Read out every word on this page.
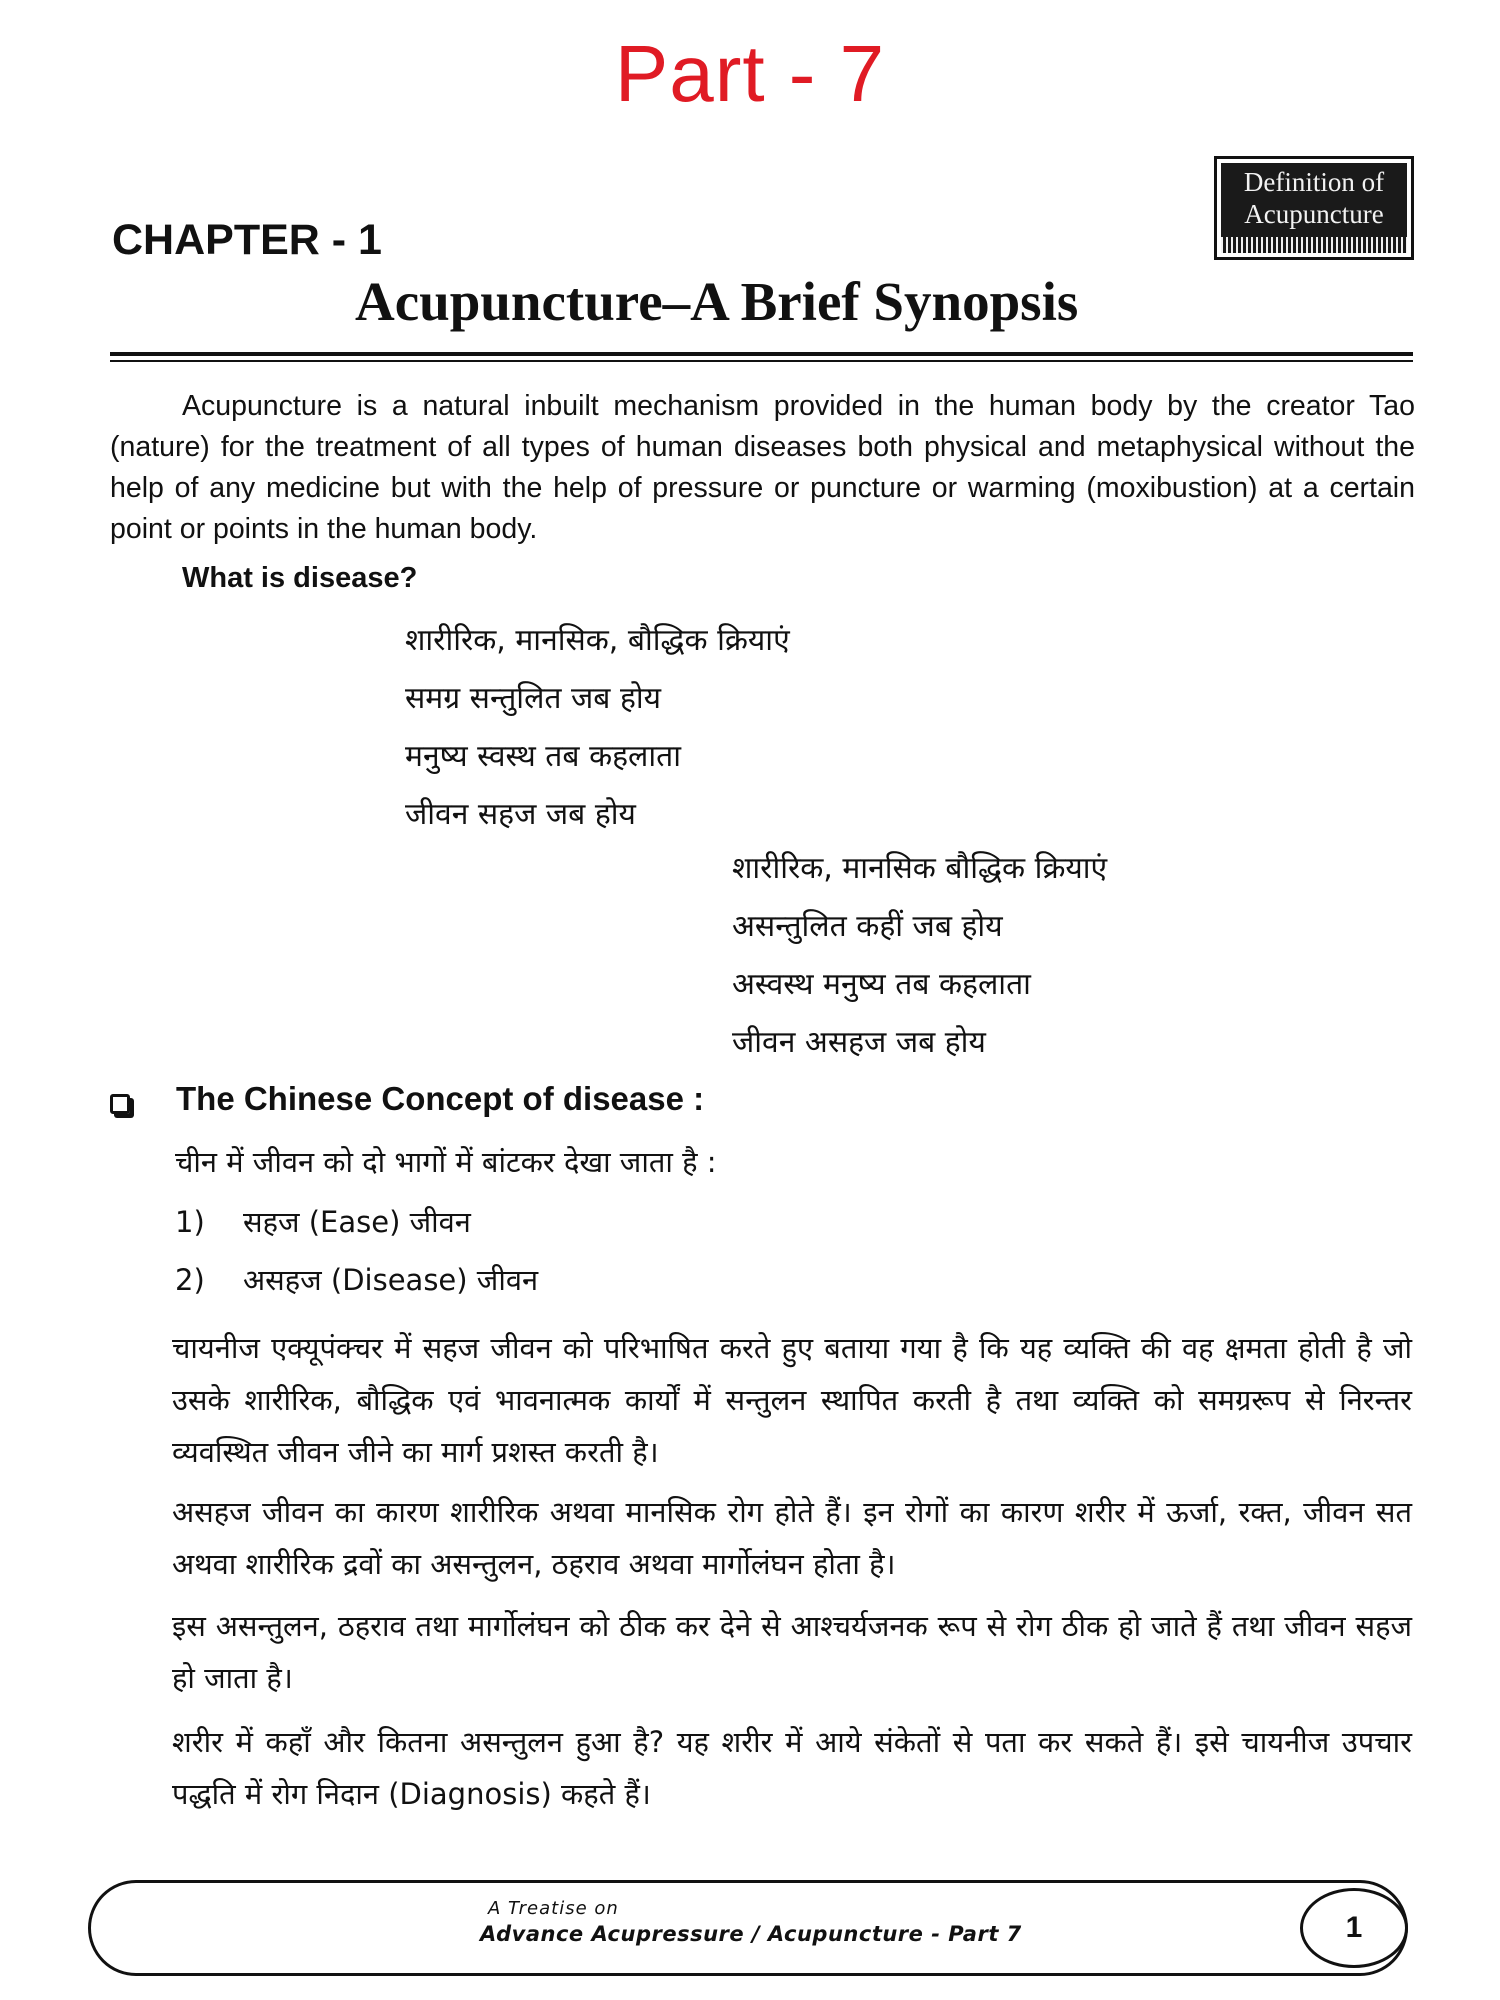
Part - 7
Definition of
Acupuncture
CHAPTER - 1
Acupuncture–A Brief Synopsis

Acupuncture is a natural inbuilt mechanism provided in the human body by the creator Tao (nature) for the treatment of all types of human diseases both physical and metaphysical without the help of any medicine but with the help of pressure or puncture or warming (moxibustion) at a certain point or points in the human body.

What is disease?
शारीरिक, मानसिक, बौद्धिक क्रियाएं
समग्र सन्तुलित जब होय
मनुष्य स्वस्थ तब कहलाता
जीवन सहज जब होय
शारीरिक, मानसिक बौद्धिक क्रियाएं
असन्तुलित कहीं जब होय
अस्वस्थ मनुष्य तब कहलाता
जीवन असहज जब होय
The Chinese Concept of disease :
चीन में जीवन को दो भागों में बांटकर देखा जाता है :
1) सहज (Ease) जीवन
2) असहज (Disease) जीवन

चायनीज एक्यूपंक्चर में सहज जीवन को परिभाषित करते हुए बताया गया है कि यह व्यक्ति की वह क्षमता होती है जो उसके शारीरिक, बौद्धिक एवं भावनात्मक कार्यों में सन्तुलन स्थापित करती है तथा व्यक्ति को समग्ररूप से निरन्तर व्यवस्थित जीवन जीने का मार्ग प्रशस्त करती है।

असहज जीवन का कारण शारीरिक अथवा मानसिक रोग होते हैं। इन रोगों का कारण शरीर में ऊर्जा, रक्त, जीवन सत अथवा शारीरिक द्रवों का असन्तुलन, ठहराव अथवा मार्गोलंघन होता है।

इस असन्तुलन, ठहराव तथा मार्गोलंघन को ठीक कर देने से आश्चर्यजनक रूप से रोग ठीक हो जाते हैं तथा जीवन सहज हो जाता है।

शरीर में कहाँ और कितना असन्तुलन हुआ है? यह शरीर में आये संकेतों से पता कर सकते हैं। इसे चायनीज उपचार पद्धति में रोग निदान (Diagnosis) कहते हैं।

A Treatise on
Advance Acupressure / Acupuncture - Part 7	1
